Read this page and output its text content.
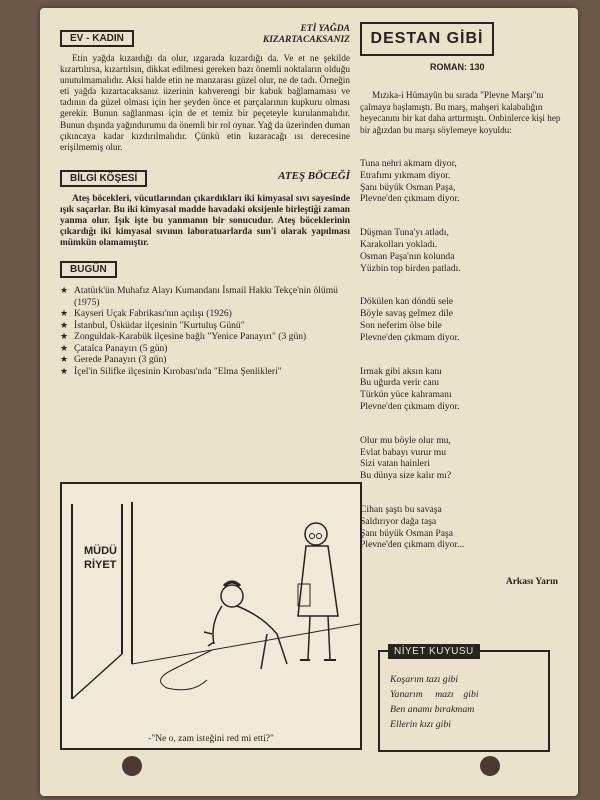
EV - KADIN
ETİ YAĞDA
KIZARTACAKSANIZ

Etin yağda kızardığı da olur, ızgarada kızardığı da. Ve et ne şekilde kızartılırsa, kızartılsın, dikkat edilmesi gereken bazı önemli noktaların olduğu unutulmamalıdır. Aksi halde etin ne manzarası güzel olur, ne de tadı. Örneğin eti yağda kızartacaksanız üzerinin kahverengi bir kabuk bağlamaması ve tadının da güzel olması için her şeyden önce et parçalarının kupkuru olması gerekir. Bunun sağlanması için de et temiz bir peçeteyle kurulanmalıdır. Bunun dışında yağındurumu da önemli bir rol oynar. Yağ da üzerinden duman çıkıncaya kadar kızdırılmalıdır. Çünkü etin kızaracağı ısı derecesine erişilmemiş olur.

BİLGİ KÖŞESİ	ATEŞ BÖCEĞİ

Ateş böcekleri, vücutlarından çıkardıkları iki kimyasal sıvı sayesinde ışık saçarlar. Bu iki kimyasal madde havadaki oksijenle birleştiği zaman yanma olur. Işık işte bu yanmanın bir sonucudur. Ateş böceklerinin çıkardığı iki kimyasal sıvının laboratuarlarda sun'i olarak yapılması mümkün olamamıştır.

BUGÜN
★ Atatürk'ün Muhafız Alayı Kumandanı İsmail Hakkı Tekçe'nin ölümü (1975)
★ Kayseri Uçak Fabrikası'nın açılışı (1926)
★ İstanbul, Üsküdar ilçesinin "Kurtuluş Günü"
★ Zonguldak-Karabük ilçesine bağlı "Yenice Panayırı" (3 gün)
★ Çatalca Panayırı (5 gün)
★ Gerede Panayırı (3 gün)
★ İçel'in Silifke ilçesinin Kırobası'nda "Elma Şenlikleri"
MÜDÜ
RİYET
-"Ne o, zam isteğini red mi etti?"
DESTAN GİBİ
ROMAN: 130

Mızıka-i Hümayûn bu sırada "Plevne Marşı"nı çalmaya başlamıştı. Bu marş, mahşeri kalabalığın heyecanını bir kat daha arttırmıştı. Onbinlerce kişi hep bir ağızdan bu marşı söylemeye koyuldu:

Tuna nehri akmam diyor,
Etrafımı yıkmam diyor.
Şanı büyük Osman Paşa,
Plevne'den çıkmam diyor.
Düşman Tuna'yı atladı,
Karakolları yokladı.
Osman Paşa'nın kolunda
Yüzbin top birden patladı.
Dökülen kan döndü sele
Böyle savaş gelmez dile
Son neferim ölse bile
Plevne'den çıkmam diyor.
Irmak gibi aksın kanı
Bu uğurda verir canı
Türkün yüce kahramanı
Plevne'den çıkmam diyor.
Olur mu böyle olur mu,
Evlat babayı vurur mu
Sizi vatan hainleri
Bu dünya size kalır mı?
Cihan şaştı bu savaşa
Saldırıyor dağa taşa
Şanı büyük Osman Paşa
Plevne'den çıkmam diyor...
Arkası Yarın
NİYET KUYUSU
Koşarım tazı gibi
Yanarım     mazı    gibi
Ben anamı bırakmam
Ellerin kızı gibi
